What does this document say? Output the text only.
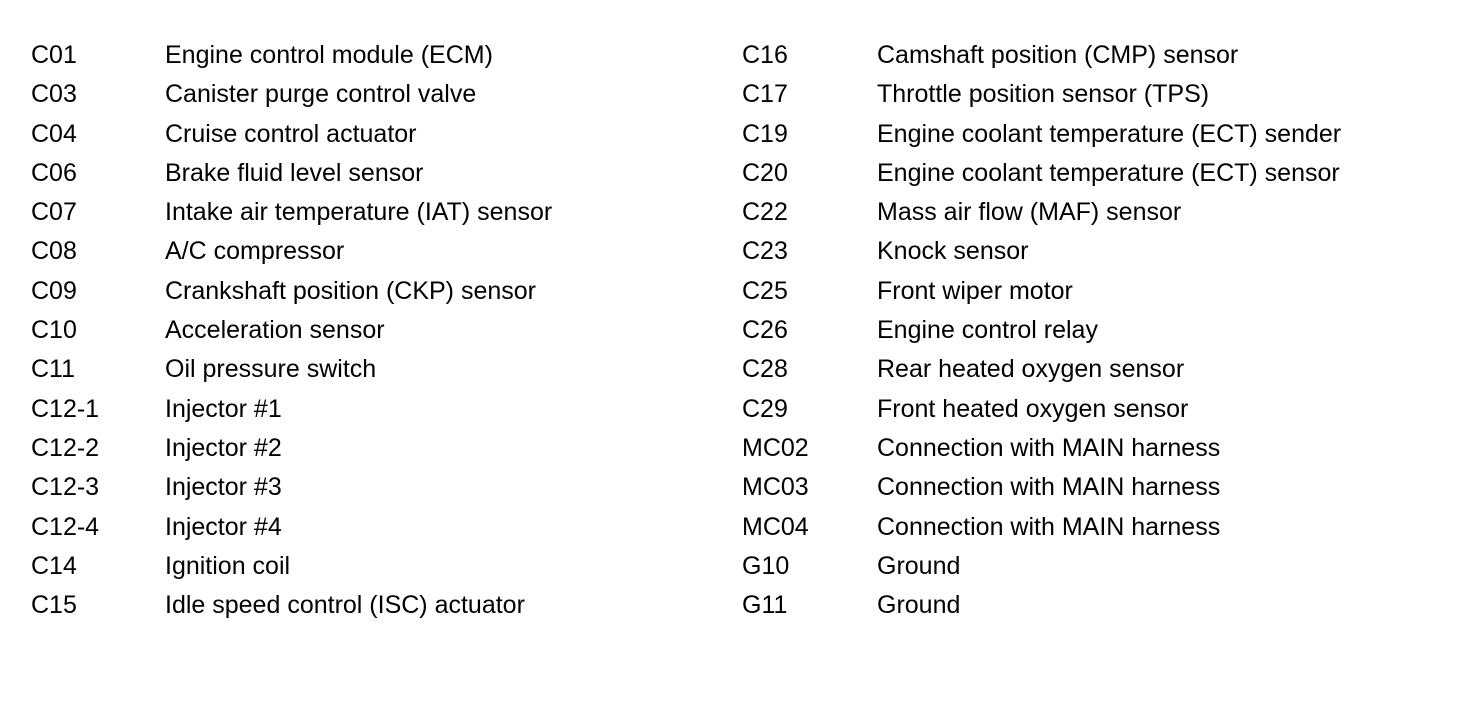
C01	Engine control module (ECM)
C03	Canister purge control valve
C04	Cruise control actuator
C06	Brake fluid level sensor
C07	Intake air temperature (IAT) sensor
C08	A/C compressor
C09	Crankshaft position (CKP) sensor
C10	Acceleration sensor
C11	Oil pressure switch
C12-1	Injector #1
C12-2	Injector #2
C12-3	Injector #3
C12-4	Injector #4
C14	Ignition coil
C15	Idle speed control (ISC) actuator
C16	Camshaft position (CMP) sensor
C17	Throttle position sensor (TPS)
C19	Engine coolant temperature (ECT) sender
C20	Engine coolant temperature (ECT) sensor
C22	Mass air flow (MAF) sensor
C23	Knock sensor
C25	Front wiper motor
C26	Engine control relay
C28	Rear heated oxygen sensor
C29	Front heated oxygen sensor
MC02	Connection with MAIN harness
MC03	Connection with MAIN harness
MC04	Connection with MAIN harness
G10	Ground
G11	Ground
